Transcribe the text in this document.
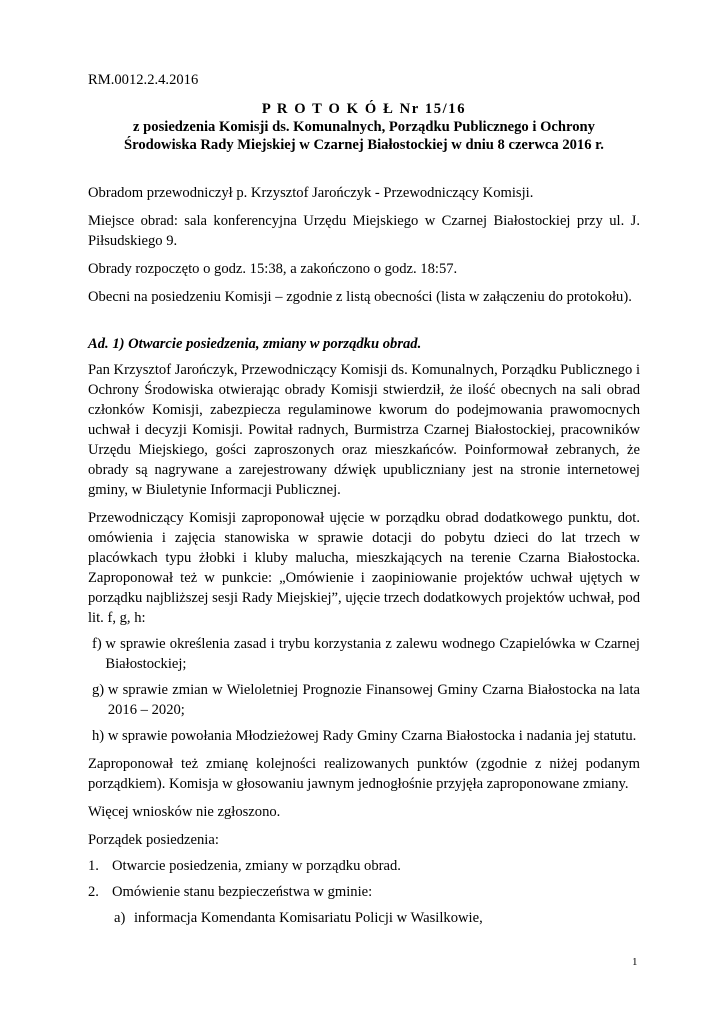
RM.0012.2.4.2016
P R O T O K Ó Ł Nr 15/16
z posiedzenia Komisji ds. Komunalnych, Porządku Publicznego i Ochrony
Środowiska Rady Miejskiej w Czarnej Białostockiej w dniu 8 czerwca 2016 r.

Obradom przewodniczył p. Krzysztof Jarończyk - Przewodniczący Komisji.

Miejsce obrad: sala konferencyjna Urzędu Miejskiego w Czarnej Białostockiej przy ul. J. Piłsudskiego 9.

Obrady rozpoczęto o godz. 15:38, a zakończono o godz. 18:57.

Obecni na posiedzeniu Komisji – zgodnie z listą obecności (lista w załączeniu do protokołu).

Ad. 1) Otwarcie posiedzenia, zmiany w porządku obrad.

Pan Krzysztof Jarończyk, Przewodniczący Komisji ds. Komunalnych, Porządku Publicznego i Ochrony Środowiska otwierając obrady Komisji stwierdził, że ilość obecnych na sali obrad członków Komisji, zabezpiecza regulaminowe kworum do podejmowania prawomocnych uchwał i decyzji Komisji. Powitał radnych, Burmistrza Czarnej Białostockiej, pracowników Urzędu Miejskiego, gości zaproszonych oraz mieszkańców. Poinformował zebranych, że obrady są nagrywane a zarejestrowany dźwięk upubliczniany jest na stronie internetowej gminy, w Biuletynie Informacji Publicznej.

Przewodniczący Komisji zaproponował ujęcie w porządku obrad dodatkowego punktu, dot. omówienia i zajęcia stanowiska w sprawie dotacji do pobytu dzieci do lat trzech w placówkach typu żłobki i kluby malucha, mieszkających na terenie Czarna Białostocka. Zaproponował też w punkcie: „Omówienie i zaopiniowanie projektów uchwał ujętych w porządku najbliższej sesji Rady Miejskiej”, ujęcie trzech dodatkowych projektów uchwał, pod lit. f, g, h:

f)
w sprawie określenia zasad i trybu korzystania z zalewu wodnego Czapielówka w Czarnej Białostockiej;
g)
w sprawie zmian w Wieloletniej Prognozie Finansowej Gminy Czarna Białostocka na lata 2016 – 2020;
h)
w sprawie powołania Młodzieżowej Rady Gminy Czarna Białostocka i nadania jej statutu.

Zaproponował też zmianę kolejności realizowanych punktów (zgodnie z niżej podanym porządkiem). Komisja w głosowaniu jawnym jednogłośnie przyjęła zaproponowane zmiany.

Więcej wniosków nie zgłoszono.

Porządek posiedzenia:

1. Otwarcie posiedzenia, zmiany w porządku obrad.
2. Omówienie stanu bezpieczeństwa w gminie:
a) informacja Komendanta Komisariatu Policji w Wasilkowie,
1
